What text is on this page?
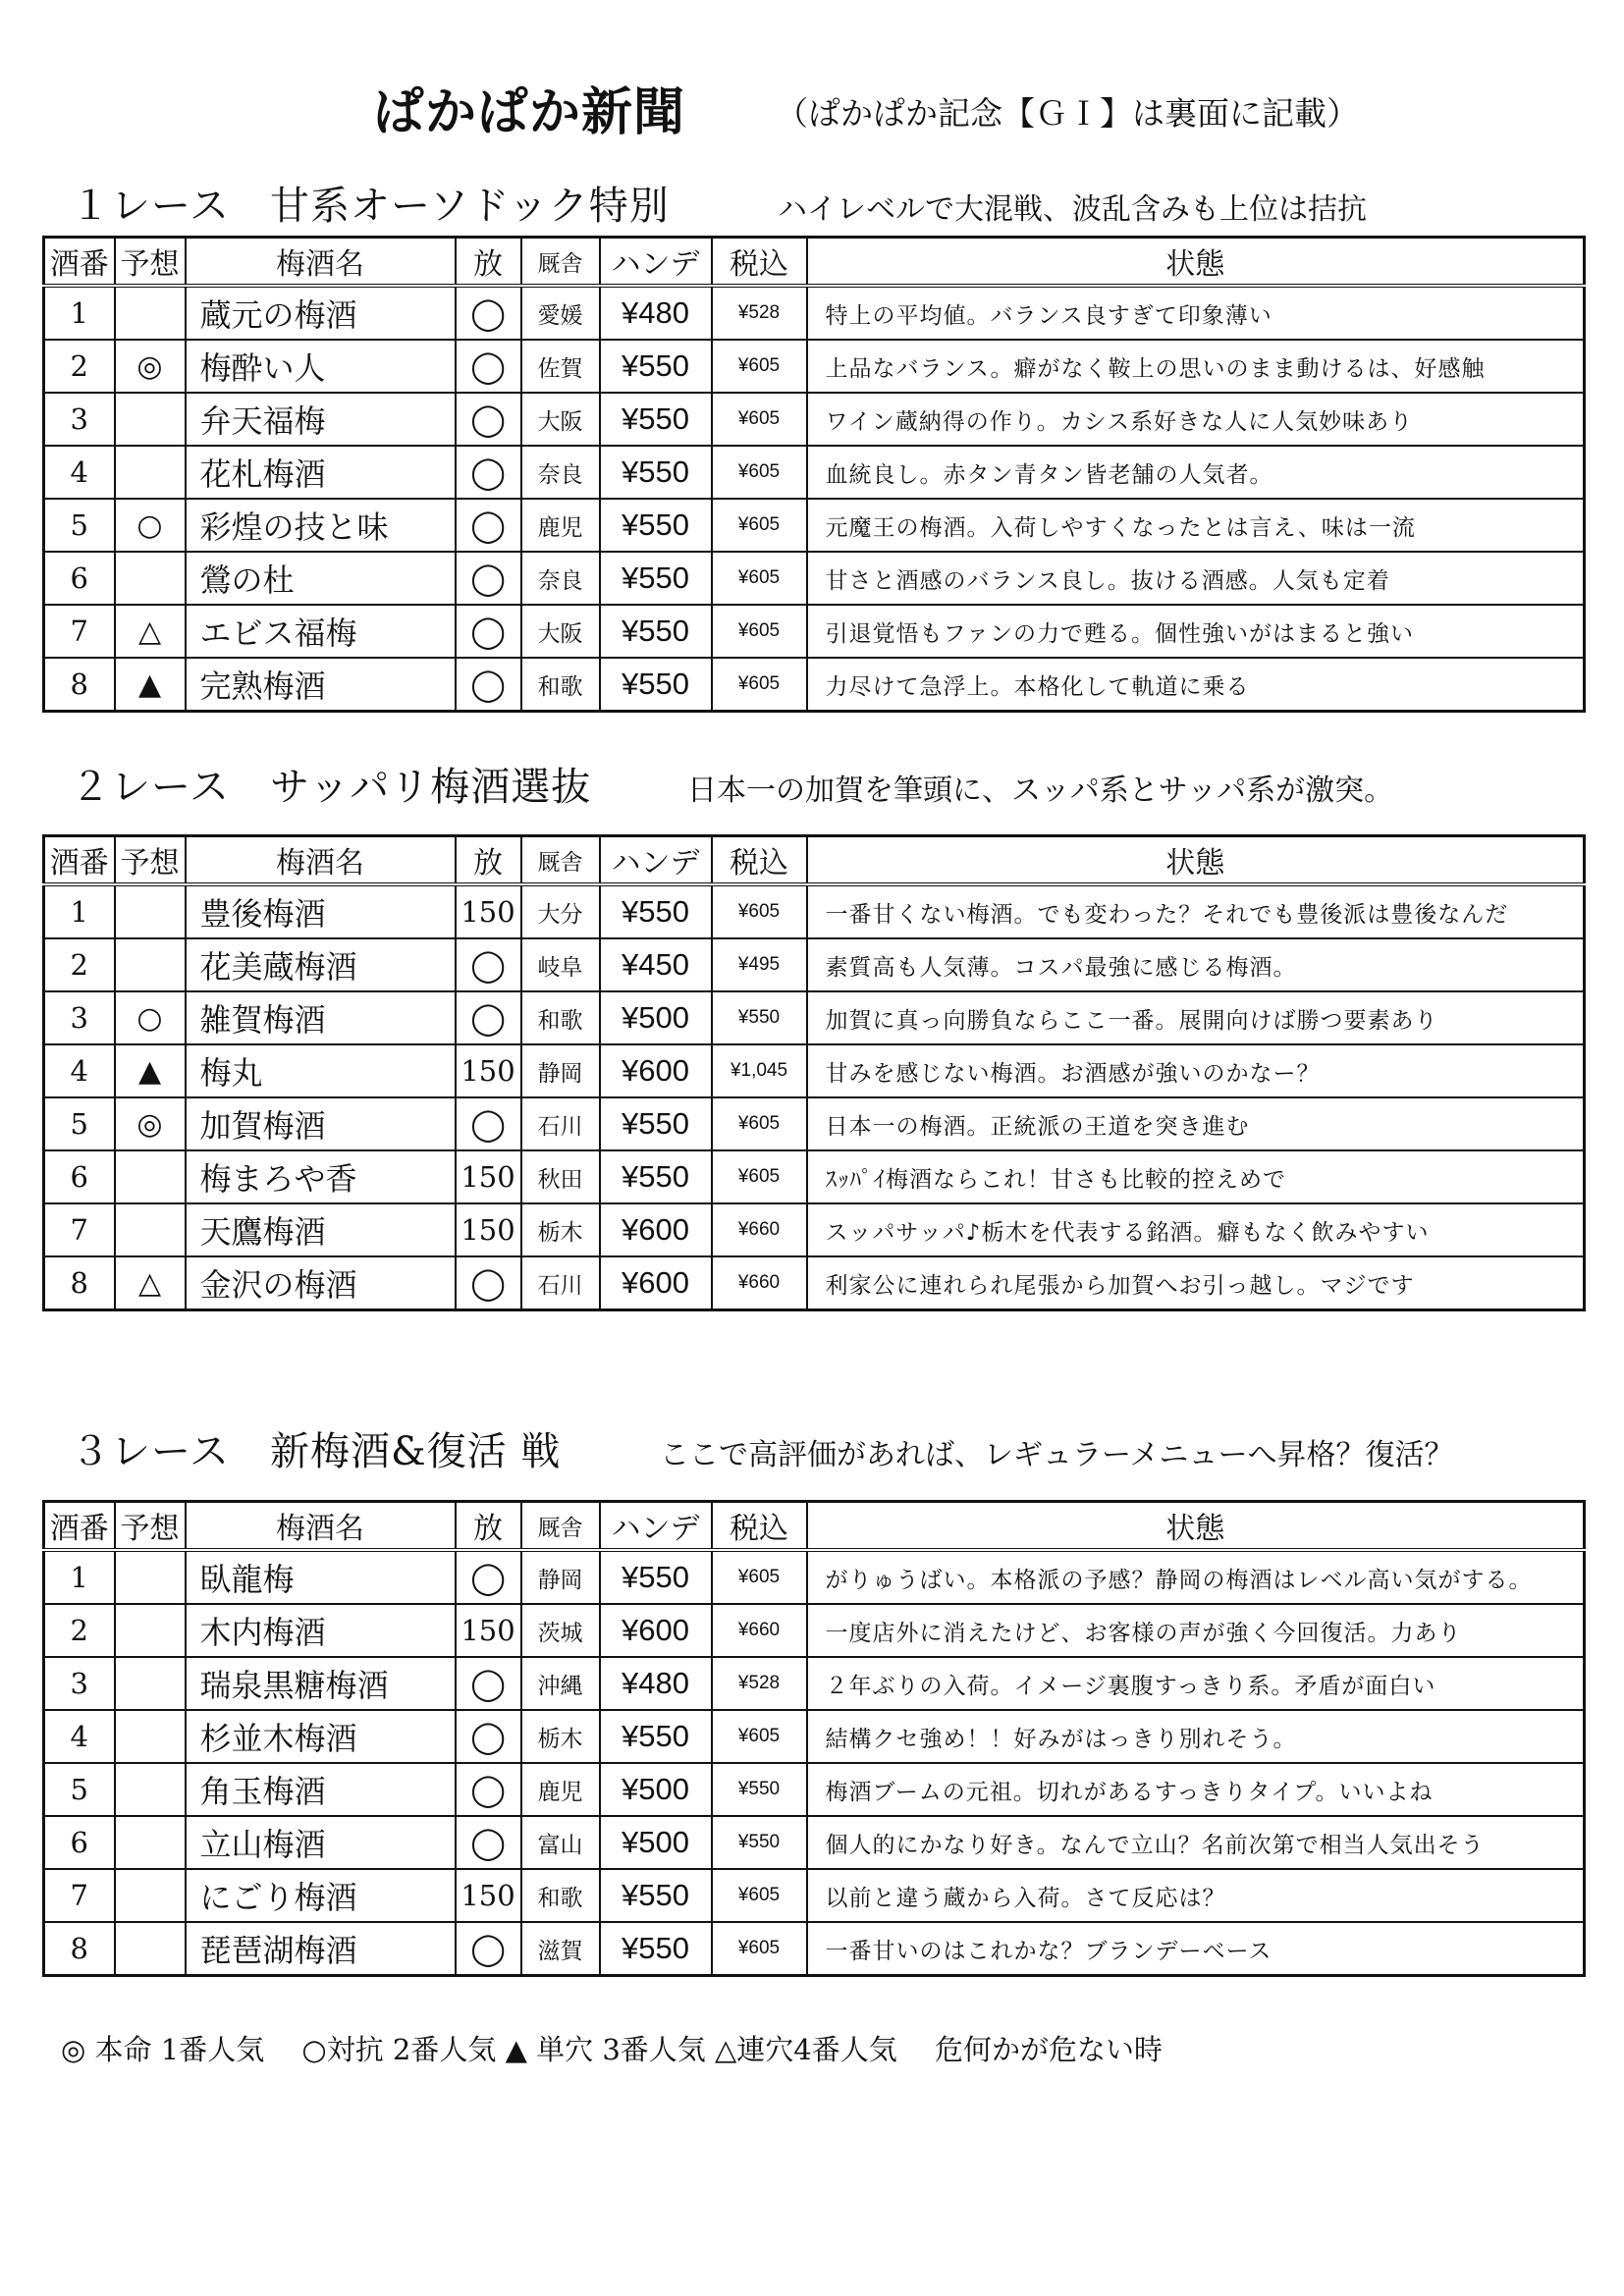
ぱかぱか新聞	（ぱかぱか記念【ＧＩ】は裏面に記載）
１レース　甘系オーソドック特別	ハイレベルで大混戦、波乱含みも上位は拮抗
酒番	予想	梅酒名	放	厩舎	ハンデ	税込	状態
1		蔵元の梅酒	◯	愛媛	¥480	¥528	特上の平均値。バランス良すぎて印象薄い
2	◎	梅酔い人	◯	佐賀	¥550	¥605	上品なバランス。癖がなく鞍上の思いのまま動けるは、好感触
3		弁天福梅	◯	大阪	¥550	¥605	ワイン蔵納得の作り。カシス系好きな人に人気妙味あり
4		花札梅酒	◯	奈良	¥550	¥605	血統良し。赤タン青タン皆老舗の人気者。
5	○	彩煌の技と味	◯	鹿児	¥550	¥605	元魔王の梅酒。入荷しやすくなったとは言え、味は一流
6		鶯の杜	◯	奈良	¥550	¥605	甘さと酒感のバランス良し。抜ける酒感。人気も定着
7	△	エビス福梅	◯	大阪	¥550	¥605	引退覚悟もファンの力で甦る。個性強いがはまると強い
8	▲	完熟梅酒	◯	和歌	¥550	¥605	力尽けて急浮上。本格化して軌道に乗る
２レース　サッパリ梅酒選抜	日本一の加賀を筆頭に、スッパ系とサッパ系が激突。
酒番	予想	梅酒名	放	厩舎	ハンデ	税込	状態
1		豊後梅酒	150	大分	¥550	¥605	一番甘くない梅酒。でも変わった？それでも豊後派は豊後なんだ
2		花美蔵梅酒	◯	岐阜	¥450	¥495	素質高も人気薄。コスパ最強に感じる梅酒。
3	○	雑賀梅酒	◯	和歌	¥500	¥550	加賀に真っ向勝負ならここ一番。展開向けば勝つ要素あり
4	▲	梅丸	150	静岡	¥600	¥1,045	甘みを感じない梅酒。お酒感が強いのかなー？
5	◎	加賀梅酒	◯	石川	¥550	¥605	日本一の梅酒。正統派の王道を突き進む
6		梅まろや香	150	秋田	¥550	¥605	ｽｯﾊﾟｲ梅酒ならこれ！甘さも比較的控えめで
7		天鷹梅酒	150	栃木	¥600	¥660	スッパサッパ♪栃木を代表する銘酒。癖もなく飲みやすい
8	△	金沢の梅酒	◯	石川	¥600	¥660	利家公に連れられ尾張から加賀へお引っ越し。マジです
３レース　新梅酒&復活 戦	ここで高評価があれば、レギュラーメニューへ昇格？復活？
酒番	予想	梅酒名	放	厩舎	ハンデ	税込	状態
1		臥龍梅	◯	静岡	¥550	¥605	がりゅうばい。本格派の予感？静岡の梅酒はレベル高い気がする。
2		木内梅酒	150	茨城	¥600	¥660	一度店外に消えたけど、お客様の声が強く今回復活。力あり
3		瑞泉黒糖梅酒	◯	沖縄	¥480	¥528	２年ぶりの入荷。イメージ裏腹すっきり系。矛盾が面白い
4		杉並木梅酒	◯	栃木	¥550	¥605	結構クセ強め！！好みがはっきり別れそう。
5		角玉梅酒	◯	鹿児	¥500	¥550	梅酒ブームの元祖。切れがあるすっきりタイプ。いいよね
6		立山梅酒	◯	富山	¥500	¥550	個人的にかなり好き。なんで立山？名前次第で相当人気出そう
7		にごり梅酒	150	和歌	¥550	¥605	以前と違う蔵から入荷。さて反応は？
8		琵琶湖梅酒	◯	滋賀	¥550	¥605	一番甘いのはこれかな？ブランデーベース
◎ 本命 1番人気　 ○対抗 2番人気 ▲ 単穴 3番人気 △連穴4番人気　 危何かが危ない時
